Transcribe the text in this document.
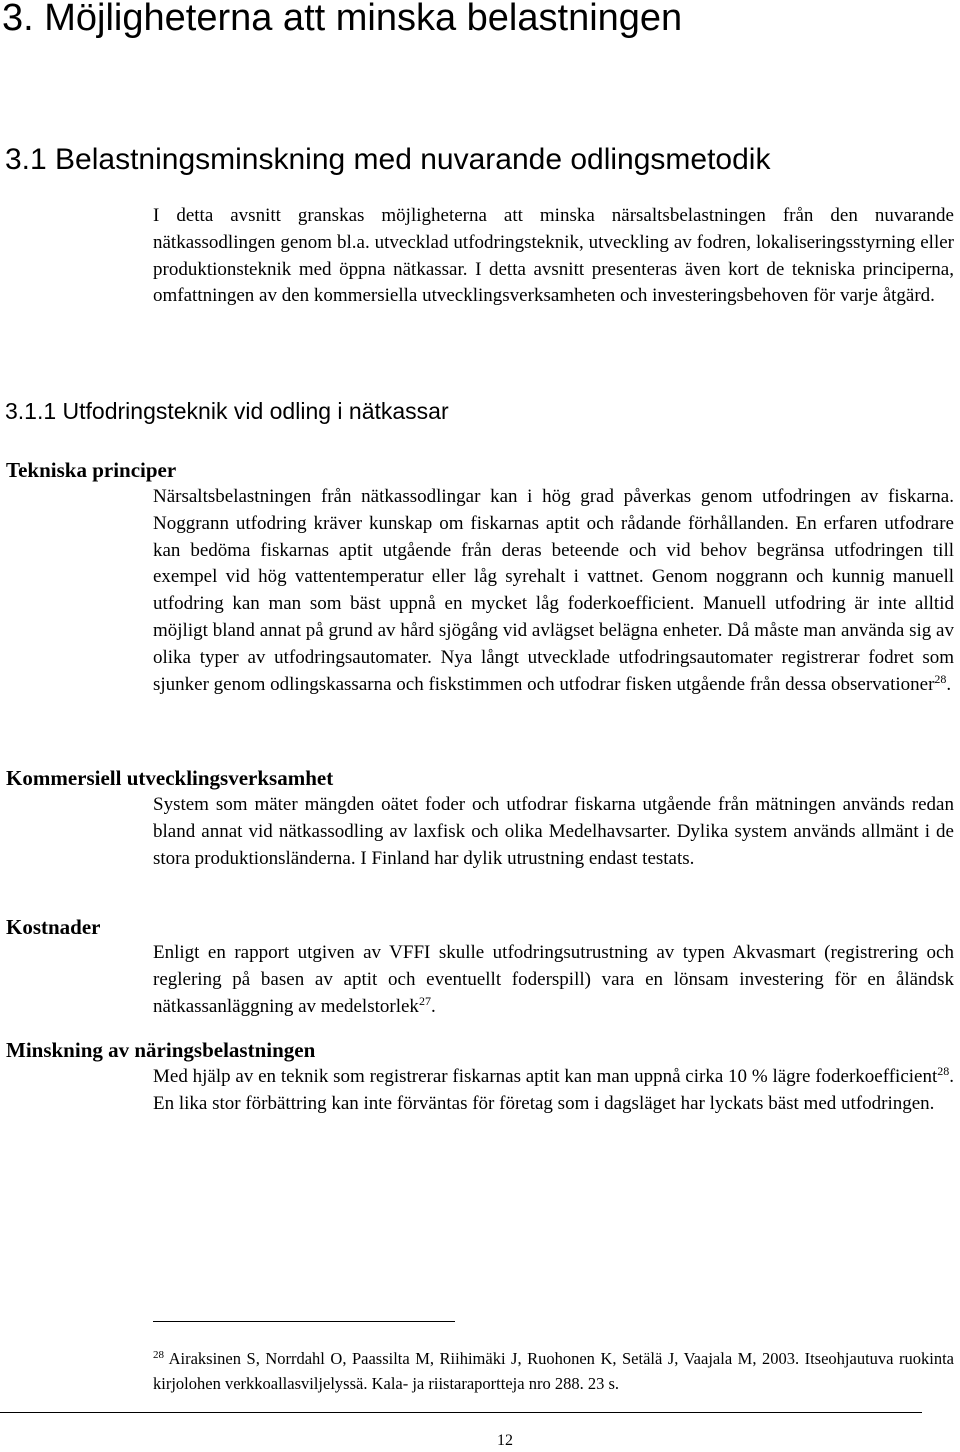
3. Möjligheterna att minska belastningen
3.1 Belastningsminskning med nuvarande odlingsmetodik

I detta avsnitt granskas möjligheterna att minska närsaltsbelastningen från den nuvarande nätkassodlingen genom bl.a. utvecklad utfodringsteknik, utveckling av fodren, lokaliseringsstyrning eller produktionsteknik med öppna nätkassar. I detta avsnitt presenteras även kort de tekniska principerna, omfattningen av den kommersiella utvecklingsverksamheten och investeringsbehoven för varje åtgärd.

3.1.1 Utfodringsteknik vid odling i nätkassar

Tekniska principer

Närsaltsbelastningen från nätkassodlingar kan i hög grad påverkas genom utfodringen av fiskarna. Noggrann utfodring kräver kunskap om fiskarnas aptit och rådande förhållanden. En erfaren utfodrare kan bedöma fiskarnas aptit utgående från deras beteende och vid behov begränsa utfodringen till exempel vid hög vattentemperatur eller låg syrehalt i vattnet. Genom noggrann och kunnig manuell utfodring kan man som bäst uppnå en mycket låg foderkoefficient. Manuell utfodring är inte alltid möjligt bland annat på grund av hård sjögång vid avlägset belägna enheter. Då måste man använda sig av olika typer av utfodringsautomater. Nya långt utvecklade utfodringsautomater registrerar fodret som sjunker genom odlingskassarna och fiskstimmen och utfodrar fisken utgående från dessa observationer$^{28}$.

Kommersiell utvecklingsverksamhet

System som mäter mängden oätet foder och utfodrar fiskarna utgående från mätningen används redan bland annat vid nätkassodling av laxfisk och olika Medelhavsarter. Dylika system används allmänt i de stora produktionsländerna. I Finland har dylik utrustning endast testats.

Kostnader

Enligt en rapport utgiven av VFFI skulle utfodringsutrustning av typen Akvasmart (registrering och reglering på basen av aptit och eventuellt foderspill) vara en lönsam investering för en åländsk nätkassanläggning av medelstorlek$^{27}$.

Minskning av näringsbelastningen

Med hjälp av en teknik som registrerar fiskarnas aptit kan man uppnå cirka 10 % lägre foderkoefficient$^{28}$. En lika stor förbättring kan inte förväntas för företag som i dagsläget har lyckats bäst med utfodringen.

$^{28}$ Airaksinen S, Norrdahl O, Paassilta M, Riihimäki J, Ruohonen K, Setälä J, Vaajala M, 2003. Itseohjautuva ruokinta kirjolohen verkkoallasviljelyssä. Kala- ja riistaraportteja nro 288. 23 s.

12
